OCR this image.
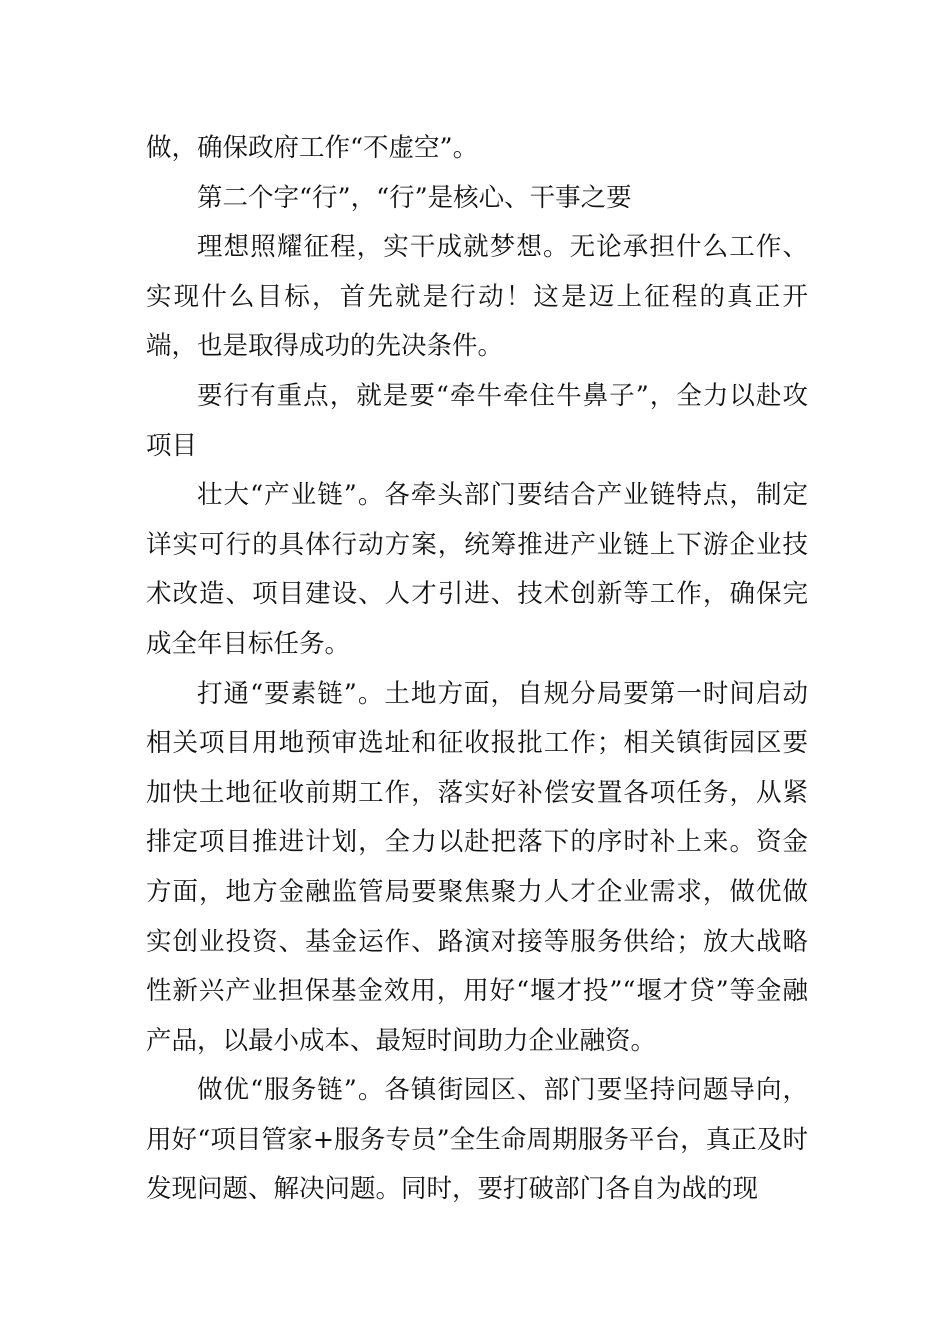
做，确保政府工作“不虚空”。

第二个字“行”，“行”是核心、干事之要

理想照耀征程，实干成就梦想。无论承担什么工作、实现什么目标，首先就是行动！这是迈上征程的真正开端，也是取得成功的先决条件。

要行有重点，就是要“牵牛牵住牛鼻子”，全力以赴攻项目

壮大“产业链”。各牵头部门要结合产业链特点，制定详实可行的具体行动方案，统筹推进产业链上下游企业技术改造、项目建设、人才引进、技术创新等工作，确保完成全年目标任务。

打通“要素链”。土地方面，自规分局要第一时间启动相关项目用地预审选址和征收报批工作；相关镇街园区要加快土地征收前期工作，落实好补偿安置各项任务，从紧排定项目推进计划，全力以赴把落下的序时补上来。资金方面，地方金融监管局要聚焦聚力人才企业需求，做优做实创业投资、基金运作、路演对接等服务供给；放大战略性新兴产业担保基金效用，用好“堰才投”“堰才贷”等金融产品，以最小成本、最短时间助力企业融资。

做优“服务链”。各镇街园区、部门要坚持问题导向，用好“项目管家+服务专员”全生命周期服务平台，真正及时发现问题、解决问题。同时，要打破部门各自为战的现
